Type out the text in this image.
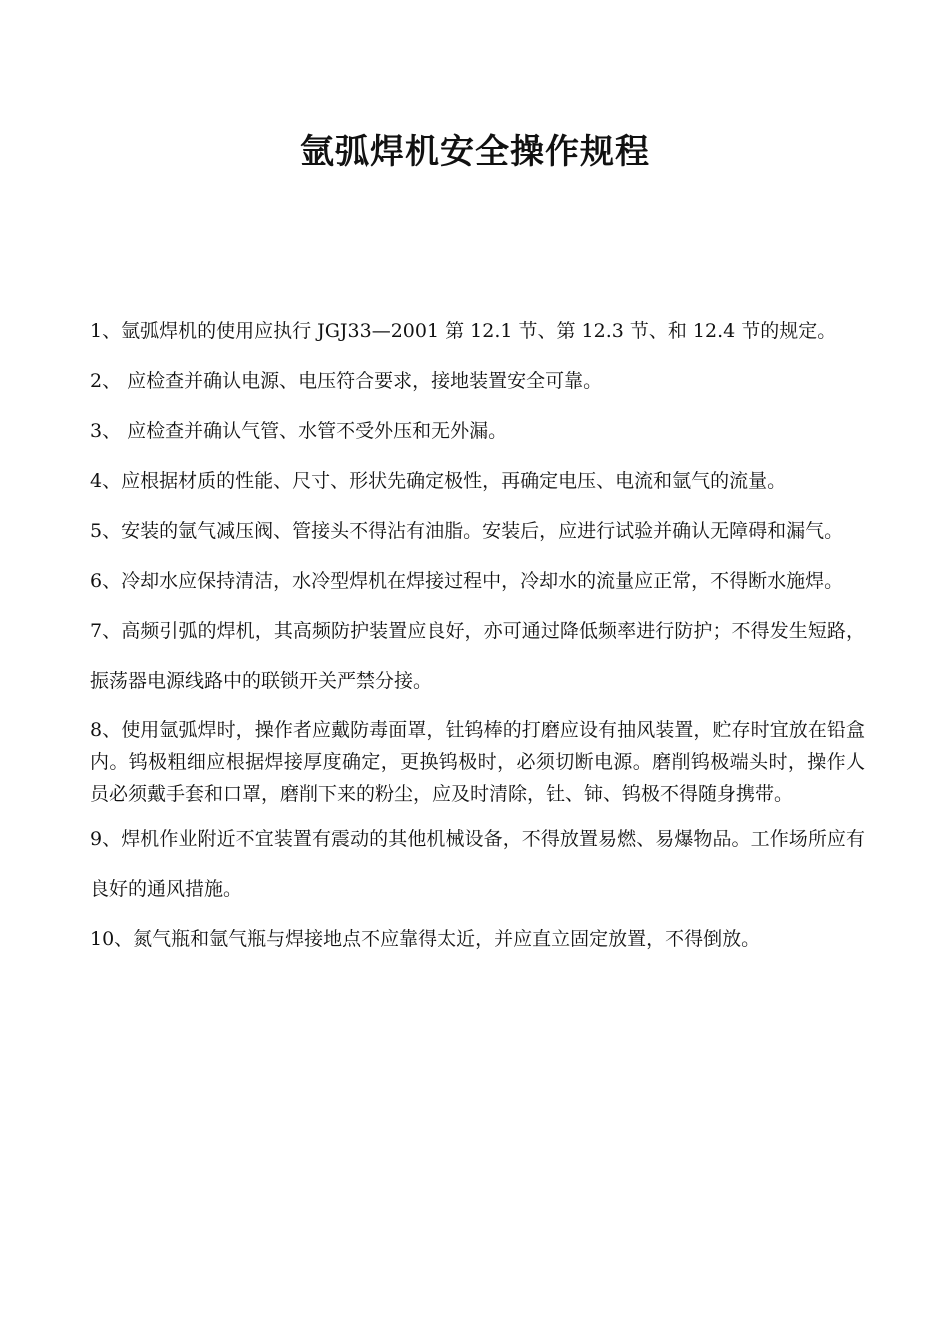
氩弧焊机安全操作规程

1、氩弧焊机的使用应执行 JGJ33—2001 第 12.1 节、第 12.3 节、和 12.4 节的规定。

2、 应检查并确认电源、电压符合要求，接地装置安全可靠。

3、 应检查并确认气管、水管不受外压和无外漏。

4、应根据材质的性能、尺寸、形状先确定极性，再确定电压、电流和氩气的流量。

5、安装的氩气减压阀、管接头不得沾有油脂。安装后，应进行试验并确认无障碍和漏气。

6、冷却水应保持清洁，水冷型焊机在焊接过程中，冷却水的流量应正常，不得断水施焊。

7、高频引弧的焊机，其高频防护装置应良好，亦可通过降低频率进行防护；不得发生短路，振荡器电源线路中的联锁开关严禁分接。

8、使用氩弧焊时，操作者应戴防毒面罩，钍钨棒的打磨应设有抽风装置，贮存时宜放在铅盒内。钨极粗细应根据焊接厚度确定，更换钨极时，必须切断电源。磨削钨极端头时，操作人员必须戴手套和口罩，磨削下来的粉尘，应及时清除，钍、铈、钨极不得随身携带。

9、焊机作业附近不宜装置有震动的其他机械设备，不得放置易燃、易爆物品。工作场所应有良好的通风措施。

10、氮气瓶和氩气瓶与焊接地点不应靠得太近，并应直立固定放置，不得倒放。
